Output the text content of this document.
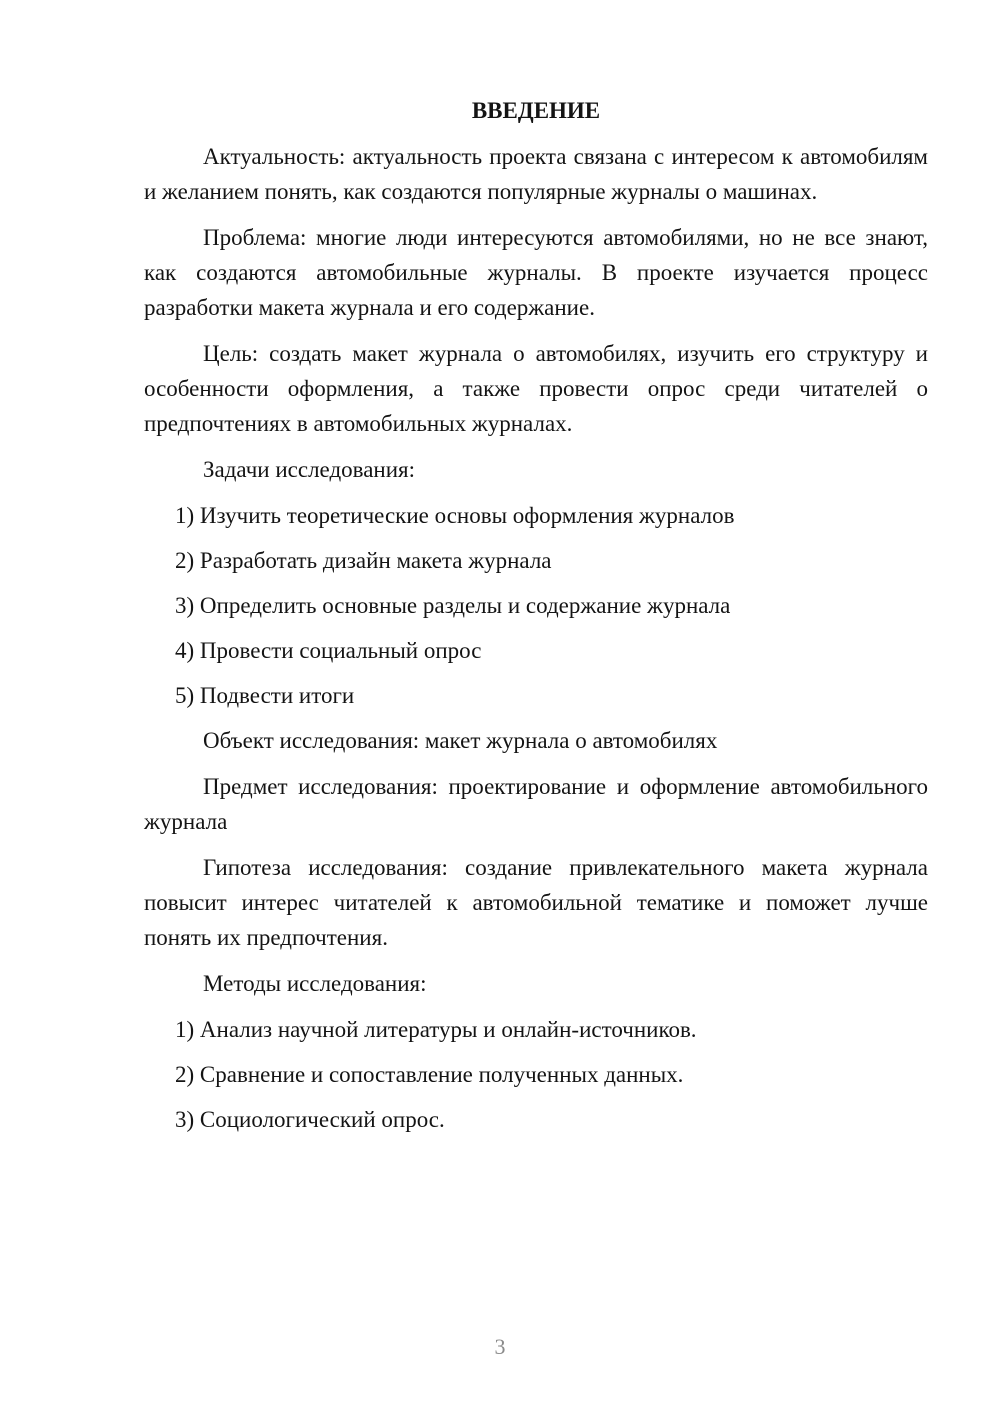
ВВЕДЕНИЕ

Актуальность: актуальность проекта связана с интересом к автомобилям и желанием понять, как создаются популярные журналы о машинах.

Проблема: многие люди интересуются автомобилями, но не все знают, как создаются автомобильные журналы. В проекте изучается процесс разработки макета журнала и его содержание.

Цель: создать макет журнала о автомобилях, изучить его структуру и особенности оформления, а также провести опрос среди читателей о предпочтениях в автомобильных журналах.

Задачи исследования:

1) Изучить теоретические основы оформления журналов
2) Разработать дизайн макета журнала
3) Определить основные разделы и содержание журнала
4) Провести социальный опрос
5) Подвести итоги

Объект исследования: макет журнала о автомобилях

Предмет исследования: проектирование и оформление автомобильного журнала

Гипотеза исследования: создание привлекательного макета журнала повысит интерес читателей к автомобильной тематике и поможет лучше понять их предпочтения.

Методы исследования:

1) Анализ научной литературы и онлайн-источников.
2) Сравнение и сопоставление полученных данных.
3) Социологический опрос.
3
